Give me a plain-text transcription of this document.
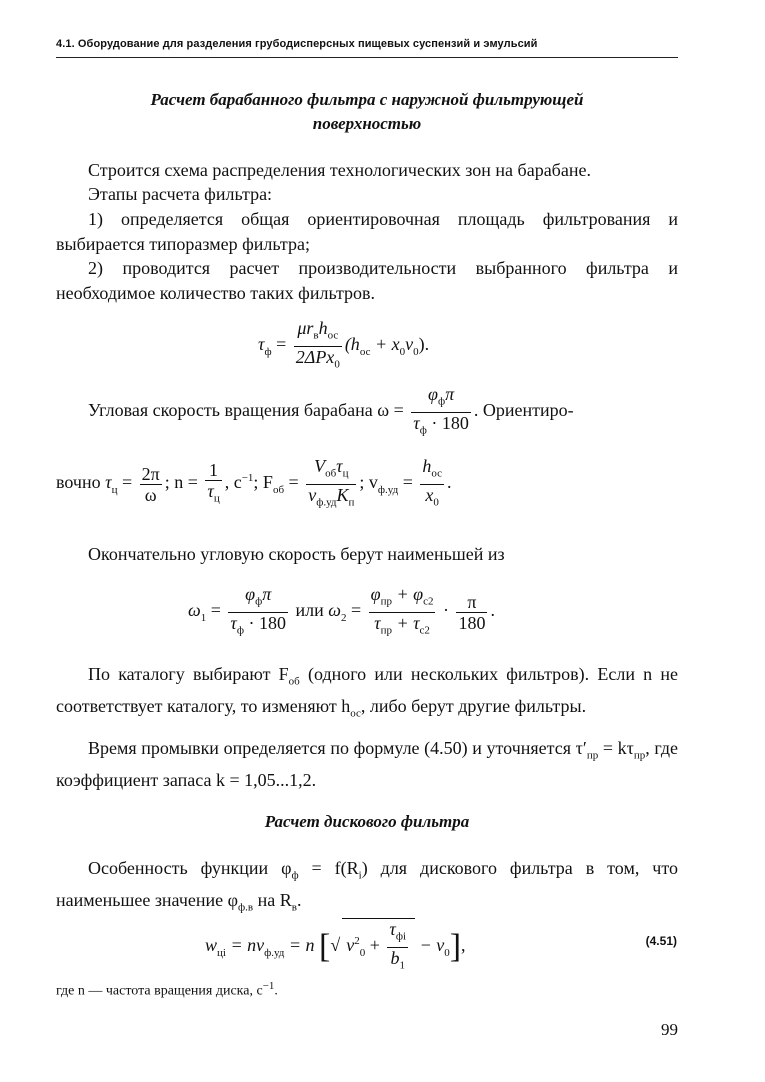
4.1. Оборудование для разделения грубодисперсных пищевых суспензий и эмульсий
Расчет барабанного фильтра с наружной фильтрующей
поверхностью
Строится схема распределения технологических зон на барабане.
Этапы расчета фильтра:
1) определяется общая ориентировочная площадь фильтрования и выбирается типоразмер фильтра;
2) проводится расчет производительности выбранного фильтра и необходимое количество таких фильтров.
$\tau_ф = \frac{\mu r_вh_{ос}}{2\Delta Px_0} (h_{ос} + x_0v_0)$.
Угловая скорость вращения барабана $\omega = \frac{\varphi_ф\pi}{\tau_ф \cdot 180}$ . Ориентиро-
вочно $\tau_ц = \frac{2\pi}{\omega}$ ; $n = \frac{1}{\tau_ц}$ , $с^{-1}$; $F_{об} = \frac{V_{об}\tau_ц}{v_{ф.уд}K_п}$ ; $v_{ф.уд} = \frac{h_{ос}}{x_0}$ .
Окончательно угловую скорость берут наименьшей из
$\omega_1 = \frac{\varphi_ф\pi}{\tau_ф \cdot 180}$ или $\omega_2 = \frac{\varphi_{пр} + \varphi_{с2}}{\tau_{пр} + \tau_{с2}} \cdot \frac{\pi}{180}$ .
По каталогу выбирают $F_{об}$ (одного или нескольких фильтров). Если n не соответствует каталогу, то изменяют $h_{ос}$, либо берут другие фильтры.
Время промывки определяется по формуле (4.50) и уточняется $\tau'_{пр} = k\tau_{пр}$, где коэффициент запаса k = 1,05...1,2.
Расчет дискового фильтра
Особенность функции $\varphi_ф = f(R_i)$ для дискового фильтра в том, что наименьшее значение $\varphi_{ф.в}$ на $R_в$.
$w_{цi} = nv_{ф.уд} = n$ [√ $v^2_0 + \frac{\tau_{фi}}{b_1} - v_0$],	(4.51)
где n — частота вращения диска, $с^{-1}$.
99
